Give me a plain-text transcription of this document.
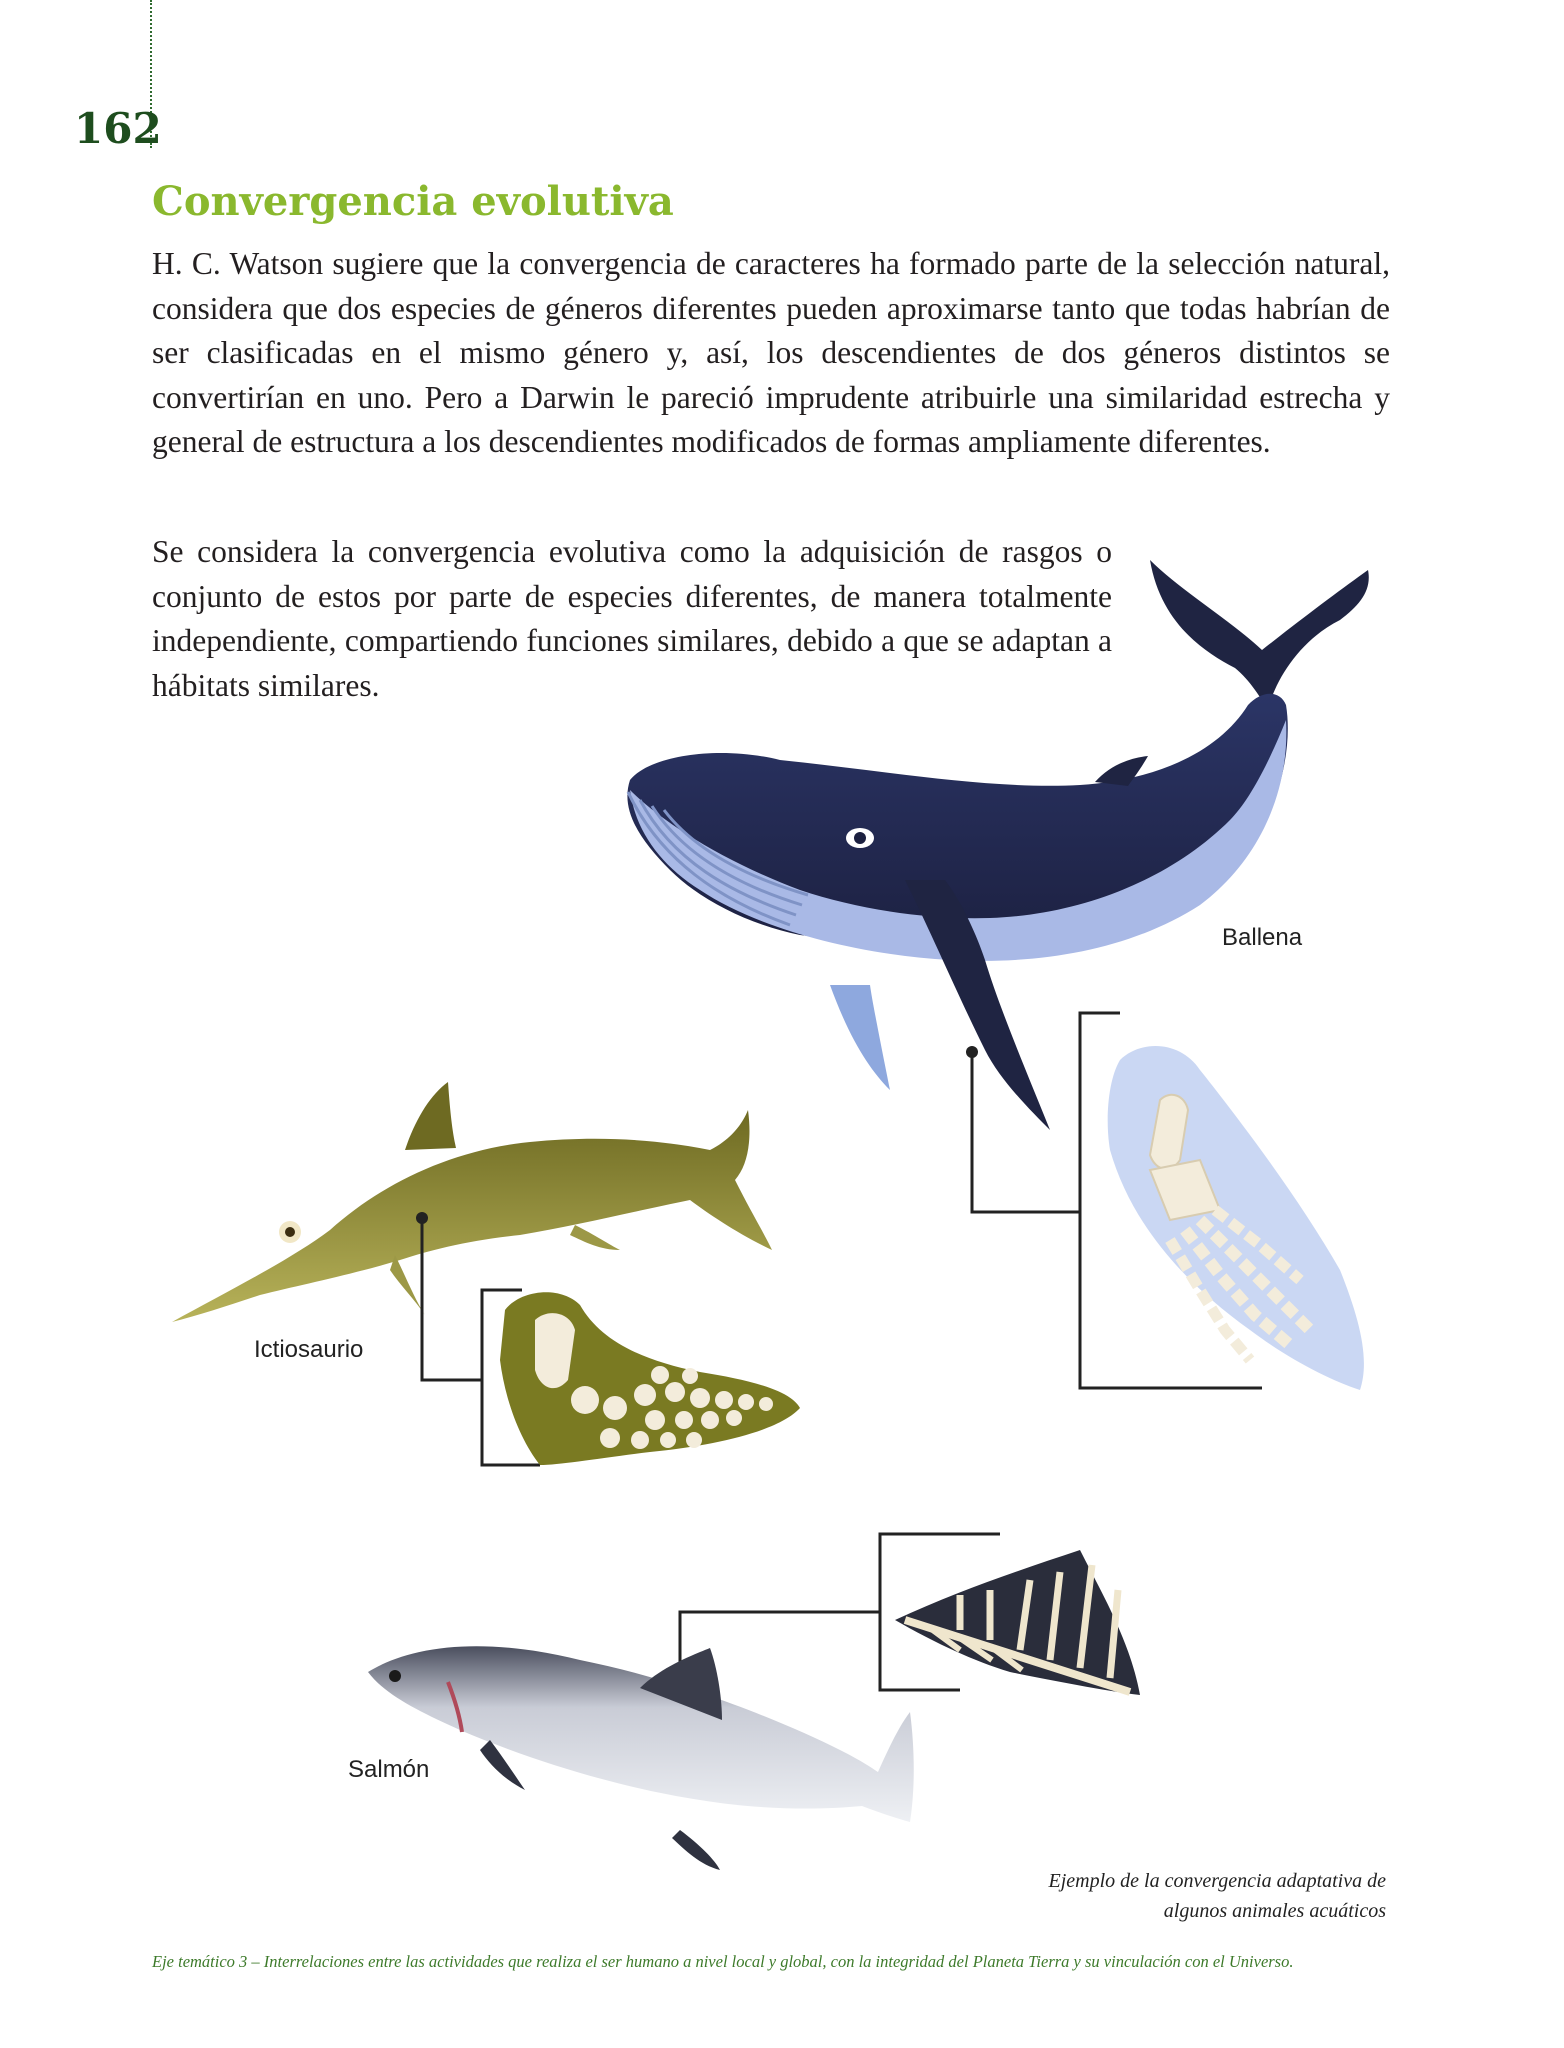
162
Convergencia evolutiva

H. C. Watson sugiere que la convergencia de caracteres ha formado parte de la selección natural, considera que dos especies de géneros diferentes pueden aproximarse tanto que todas habrían de ser clasificadas en el mismo género y, así, los descendientes de dos géneros distintos se convertirían en uno. Pero a Darwin le pareció imprudente atribuirle una similaridad estrecha y general de estructura a los descendientes modificados de formas ampliamente diferentes.

Se considera la convergencia evolutiva como la adquisición de rasgos o conjunto de estos por parte de especies diferentes, de manera totalmente independiente, compartiendo funciones similares, debido a que se adaptan a hábitats similares.

Ballena
Ictiosaurio
Salmón
Ejemplo de la convergencia adaptativa de
algunos animales acuáticos
Eje temático 3 – Interrelaciones entre las actividades que realiza el ser humano a nivel local y global, con la integridad del Planeta Tierra y su vinculación con el Universo.
